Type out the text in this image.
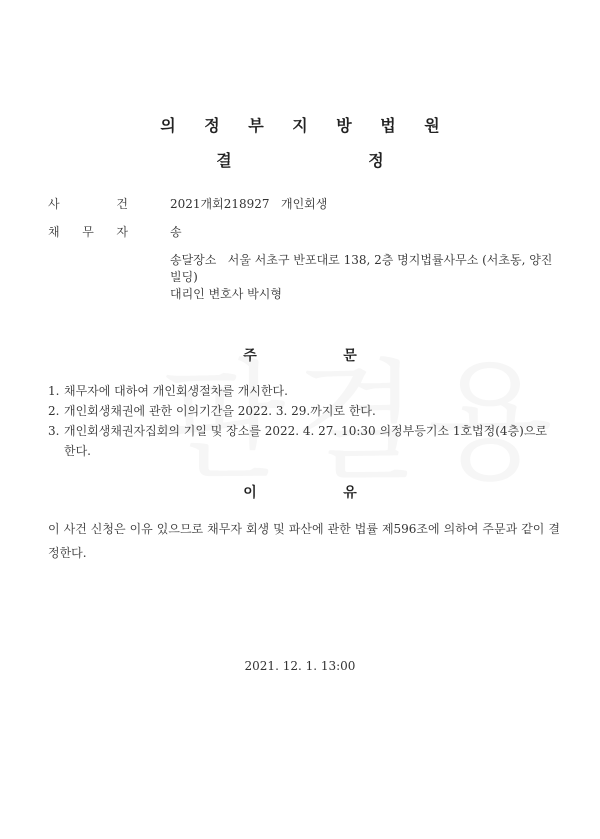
의 정 부 지 방 법 원
결	정
사	건	2021개회218927   개인회생
채 무 자	송
송달장소   서울 서초구 반포대로 138, 2층 명지법률사무소 (서초동, 양진빌딩)
대리인 변호사 박시형
주	문
1. 채무자에 대하여 개인회생절차를 개시한다.
2. 개인회생채권에 관한 이의기간을 2022. 3. 29.까지로 한다.
3. 개인회생채권자집회의 기일 및 장소를 2022. 4. 27. 10:30 의정부등기소 1호법정(4층)으로 한다.
이	유
이 사건 신청은 이유 있으므로 채무자 회생 및 파산에 관한 법률 제596조에 의하여 주문과 같이 결정한다.
2021. 12. 1. 13:00
